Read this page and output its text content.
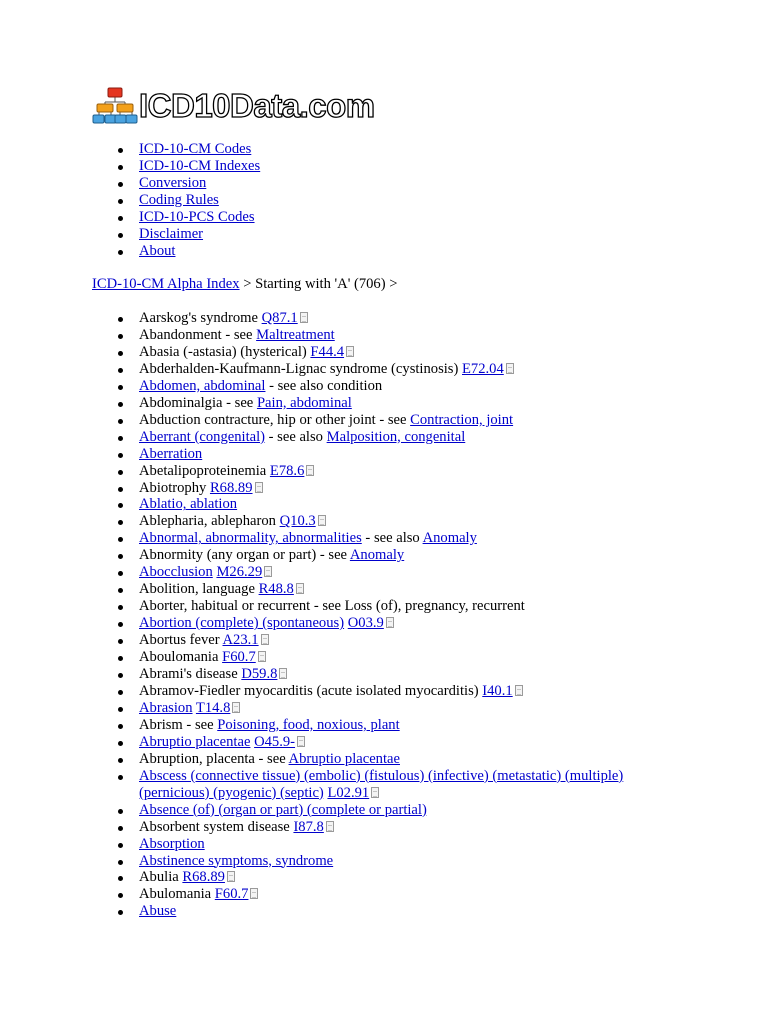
ICD10Data.com
ICD-10-CM Codes
ICD-10-CM Indexes
Conversion
Coding Rules
ICD-10-PCS Codes
Disclaimer
About
ICD-10-CM Alpha Index > Starting with 'A' (706) >
Aarskog's syndrome Q87.1
Abandonment - see Maltreatment
Abasia (-astasia) (hysterical) F44.4
Abderhalden-Kaufmann-Lignac syndrome (cystinosis) E72.04
Abdomen, abdominal - see also condition
Abdominalgia - see Pain, abdominal
Abduction contracture, hip or other joint - see Contraction, joint
Aberrant (congenital) - see also Malposition, congenital
Aberration
Abetalipoproteinemia E78.6
Abiotrophy R68.89
Ablatio, ablation
Ablepharia, ablepharon Q10.3
Abnormal, abnormality, abnormalities - see also Anomaly
Abnormity (any organ or part) - see Anomaly
Abocclusion M26.29
Abolition, language R48.8
Aborter, habitual or recurrent - see Loss (of), pregnancy, recurrent
Abortion (complete) (spontaneous) O03.9
Abortus fever A23.1
Aboulomania F60.7
Abrami's disease D59.8
Abramov-Fiedler myocarditis (acute isolated myocarditis) I40.1
Abrasion T14.8
Abrism - see Poisoning, food, noxious, plant
Abruptio placentae O45.9-
Abruption, placenta - see Abruptio placentae
Abscess (connective tissue) (embolic) (fistulous) (infective) (metastatic) (multiple) (pernicious) (pyogenic) (septic) L02.91
Absence (of) (organ or part) (complete or partial)
Absorbent system disease I87.8
Absorption
Abstinence symptoms, syndrome
Abulia R68.89
Abulomania F60.7
Abuse
